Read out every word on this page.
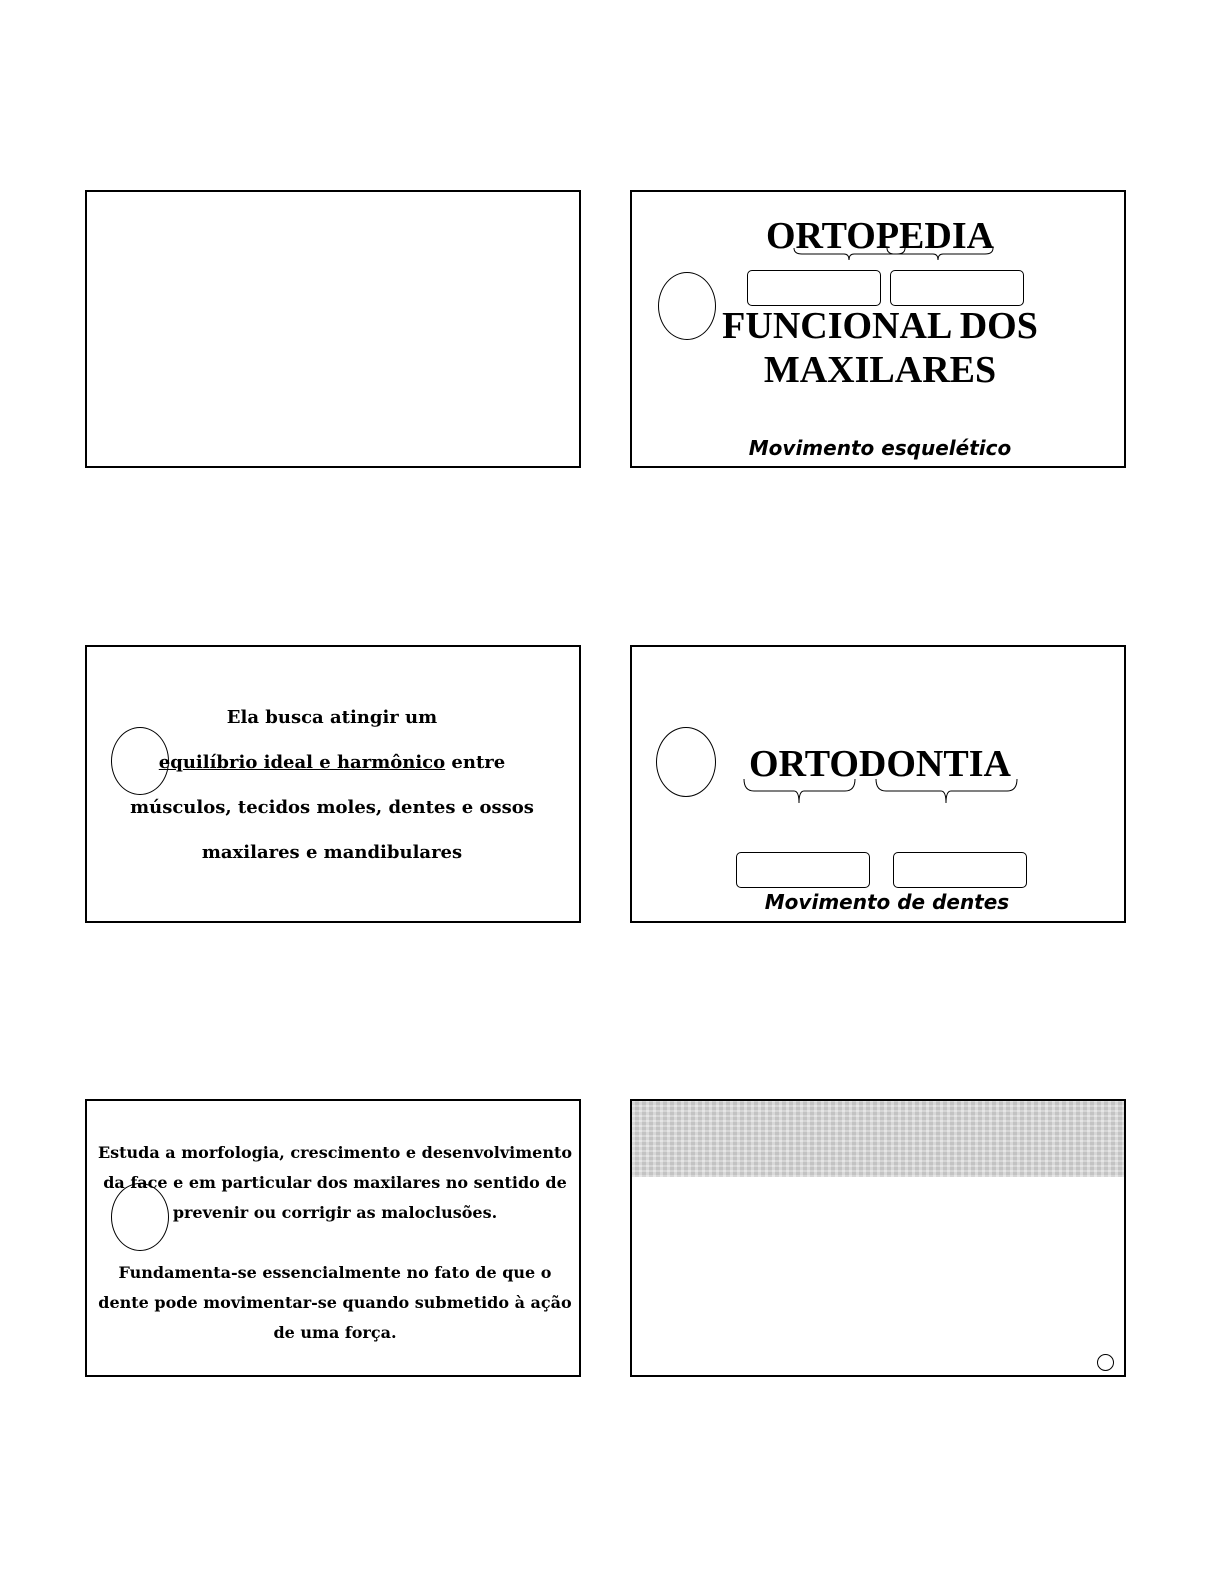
ORTOPEDIA
FUNCIONAL DOS
MAXILARES
Movimento esquelético
Ela busca atingir um
equilíbrio ideal e harmônico entre
músculos, tecidos moles, dentes e ossos
maxilares e mandibulares
ORTODONTIA
Movimento de dentes
Estuda a morfologia, crescimento e desenvolvimento
da face e em particular dos maxilares no sentido de
prevenir ou corrigir as maloclusões.
Fundamenta-se essencialmente no fato de que o
dente pode movimentar-se quando submetido à ação
de uma força.
